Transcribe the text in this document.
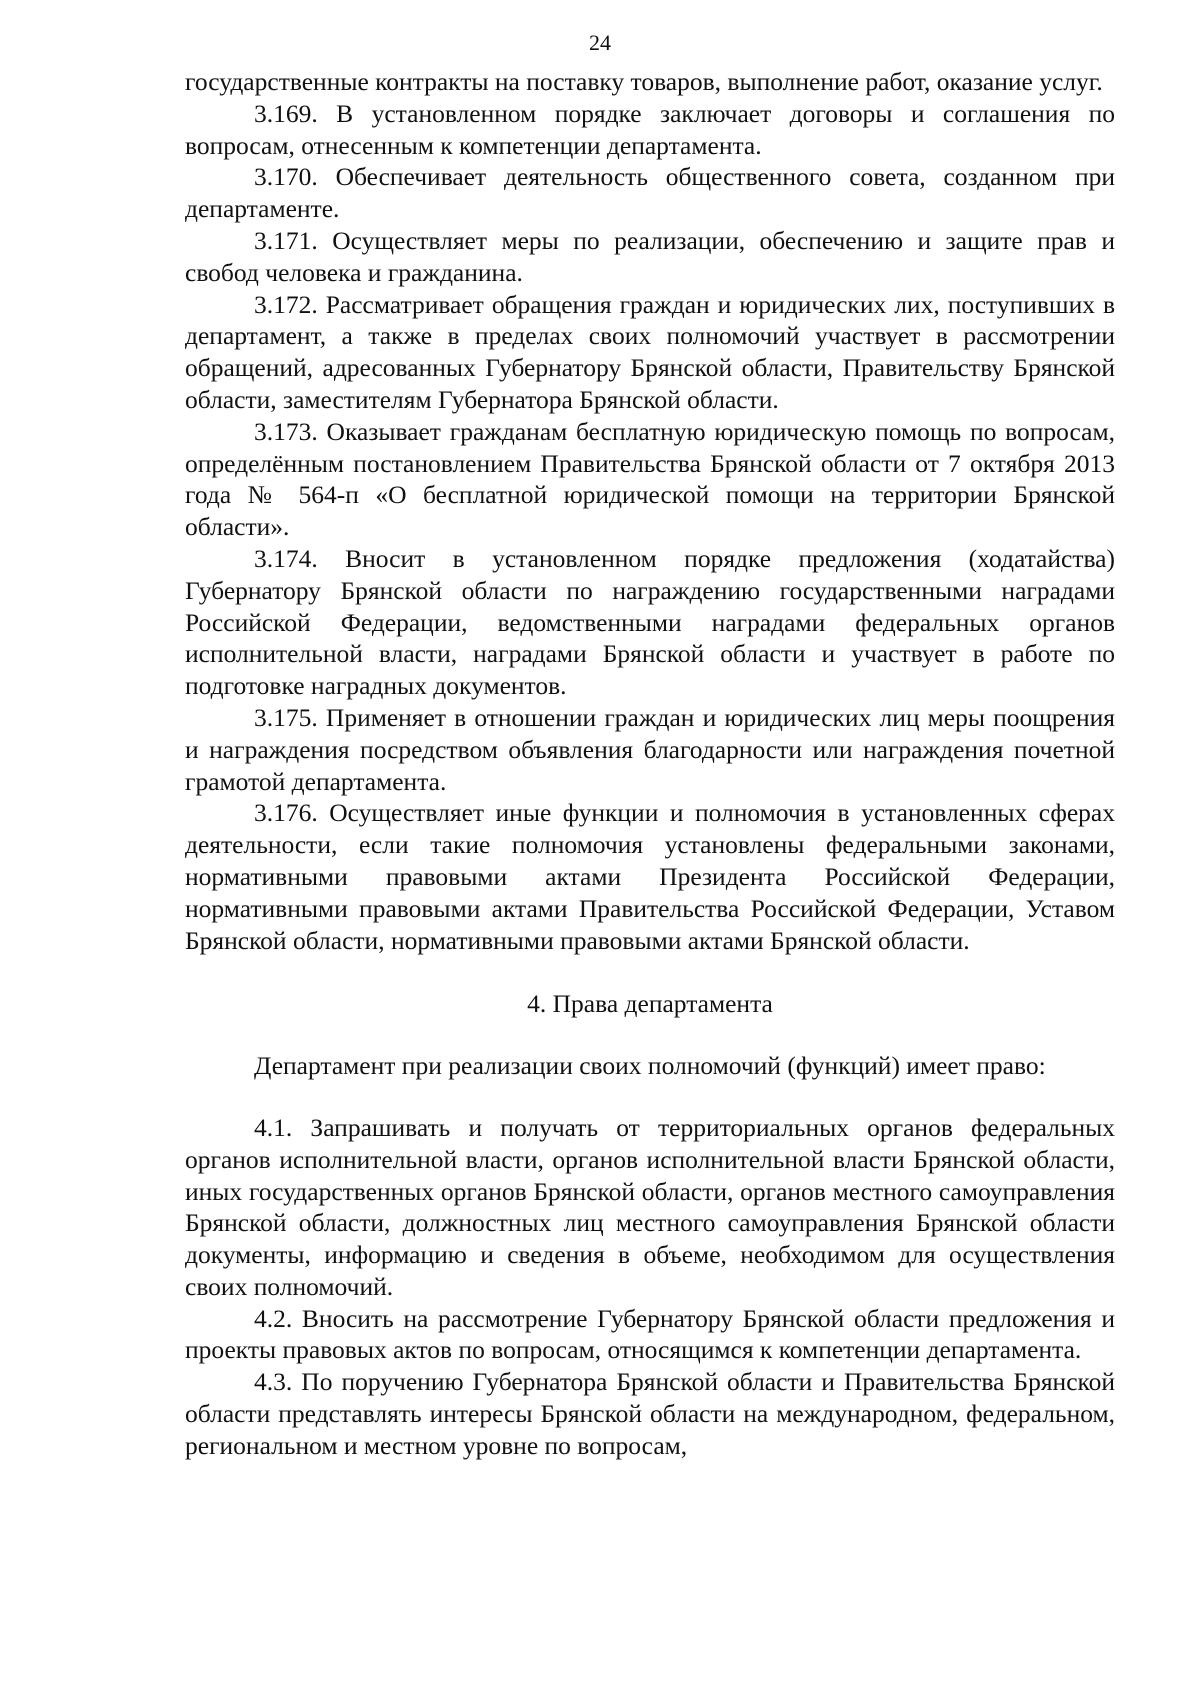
24

государственные контракты на поставку товаров, выполнение работ, оказание услуг.

3.169. В установленном порядке заключает договоры и соглашения по вопросам, отнесенным к компетенции департамента.

3.170. Обеспечивает деятельность общественного совета, созданном при департаменте.

3.171. Осуществляет меры по реализации, обеспечению и защите прав и свобод человека и гражданина.

3.172. Рассматривает обращения граждан и юридических лих, поступивших в департамент, а также в пределах своих полномочий участвует в рассмотрении обращений, адресованных Губернатору Брянской области, Правительству Брянской области, заместителям Губернатора Брянской области.

3.173. Оказывает гражданам бесплатную юридическую помощь по вопросам, определённым постановлением Правительства Брянской области от 7 октября 2013 года № 564-п «О бесплатной юридической помощи на территории Брянской области».

3.174. Вносит в установленном порядке предложения (ходатайства) Губернатору Брянской области по награждению государственными наградами Российской Федерации, ведомственными наградами федеральных органов исполнительной власти, наградами Брянской области и участвует в работе по подготовке наградных документов.

3.175. Применяет в отношении граждан и юридических лиц меры поощрения и награждения посредством объявления благодарности или награждения почетной грамотой департамента.

3.176. Осуществляет иные функции и полномочия в установленных сферах деятельности, если такие полномочия установлены федеральными законами, нормативными правовыми актами Президента Российской Федерации, нормативными правовыми актами Правительства Российской Федерации, Уставом Брянской области, нормативными правовыми актами Брянской области.

4. Права департамента

Департамент при реализации своих полномочий (функций) имеет право:

4.1. Запрашивать и получать от территориальных органов федеральных органов исполнительной власти, органов исполнительной власти Брянской области, иных государственных органов Брянской области, органов местного самоуправления Брянской области, должностных лиц местного самоуправления Брянской области документы, информацию и сведения в объеме, необходимом для осуществления своих полномочий.

4.2. Вносить на рассмотрение Губернатору Брянской области предложения и проекты правовых актов по вопросам, относящимся к компетенции департамента.

4.3. По поручению Губернатора Брянской области и Правительства Брянской области представлять интересы Брянской области на международном, федеральном, региональном и местном уровне по вопросам,
